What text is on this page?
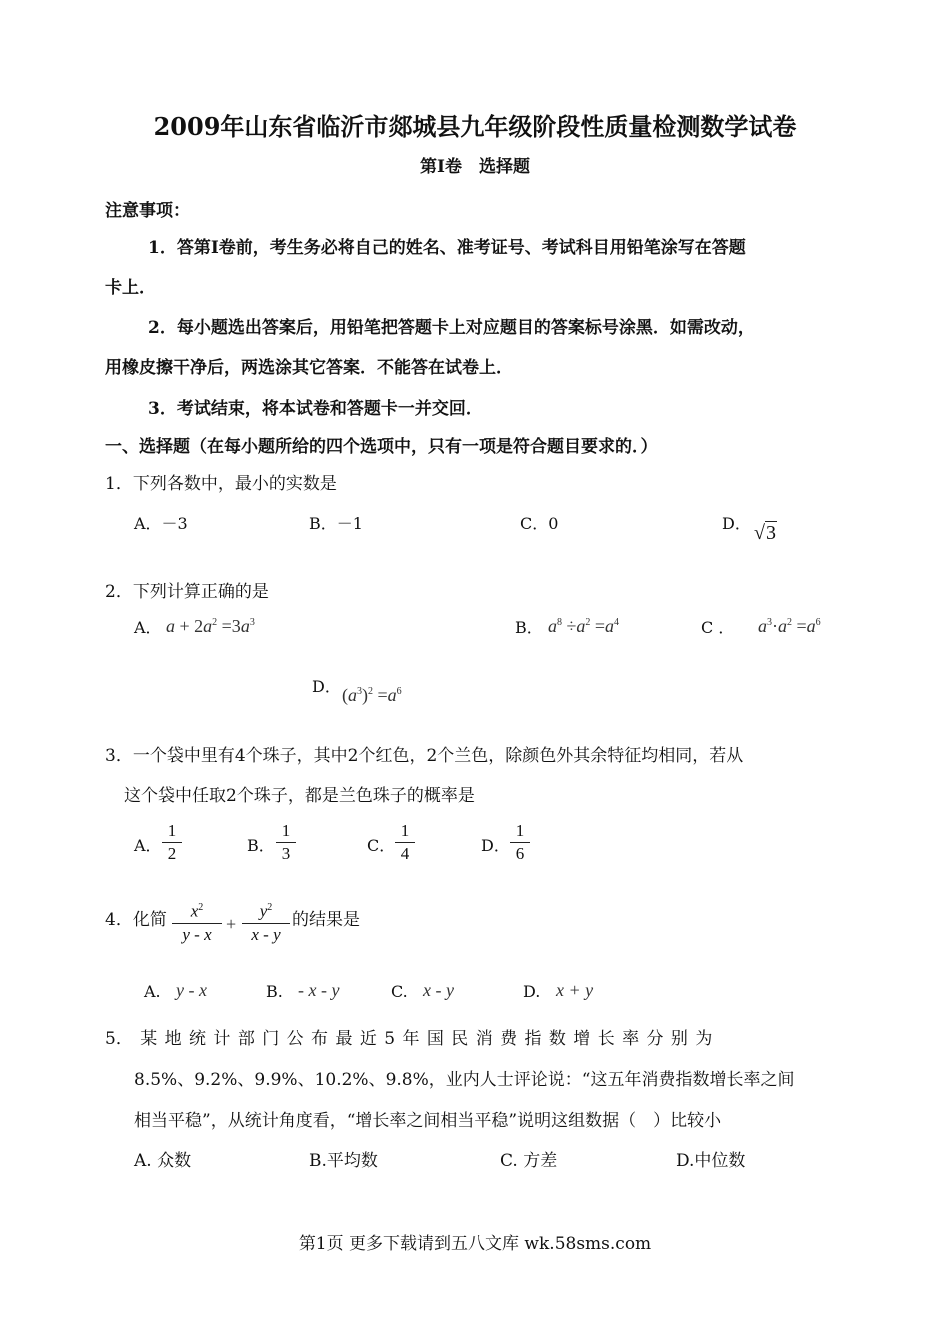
2009年山东省临沂市郯城县九年级阶段性质量检测数学试卷
第Ⅰ卷　选择题
注意事项：
1．答第Ⅰ卷前，考生务必将自己的姓名、准考证号、考试科目用铅笔涂写在答题
卡上．
2．每小题选出答案后，用铅笔把答题卡上对应题目的答案标号涂黑．如需改动，
用橡皮擦干净后，两选涂其它答案．不能答在试卷上．
3．考试结束，将本试卷和答题卡一并交回．
一、选择题（在每小题所给的四个选项中，只有一项是符合题目要求的．）
1．下列各数中，最小的实数是
A．－3	B．－1	C．0	D． √3
2．下列计算正确的是
A． $a + 2a^2 =3a^3$	B． $a^8 \div a^2 =a^4$	C ． $a^3\cdot a^2 =a^6$
D． $(a^3)^2 =a^6$
3．一个袋中里有4个珠子，其中2个红色，2个兰色，除颜色外其余特征均相同，若从
这个袋中任取2个珠子，都是兰色珠子的概率是
A．
1
2	B．
1
3	C．
1
4	D．
1
6
4．化简	$x^2$
y - x
+
$y^2$
x - y
的结果是
A. y - x	B. - x - y	C. x - y	D. x + y
5． 某 地 统 计 部 门 公 布 最 近 5 年 国 民 消 费 指 数 增 长 率 分 别 为
8.5%、9.2%、9.9%、10.2%、9.8%，业内人士评论说：“这五年消费指数增长率之间
相当平稳”，从统计角度看，“增长率之间相当平稳”说明这组数据（　）比较小
A. 众数	B.平均数	C. 方差	D.中位数
第1页 更多下载请到五八文库 wk.58sms.com
